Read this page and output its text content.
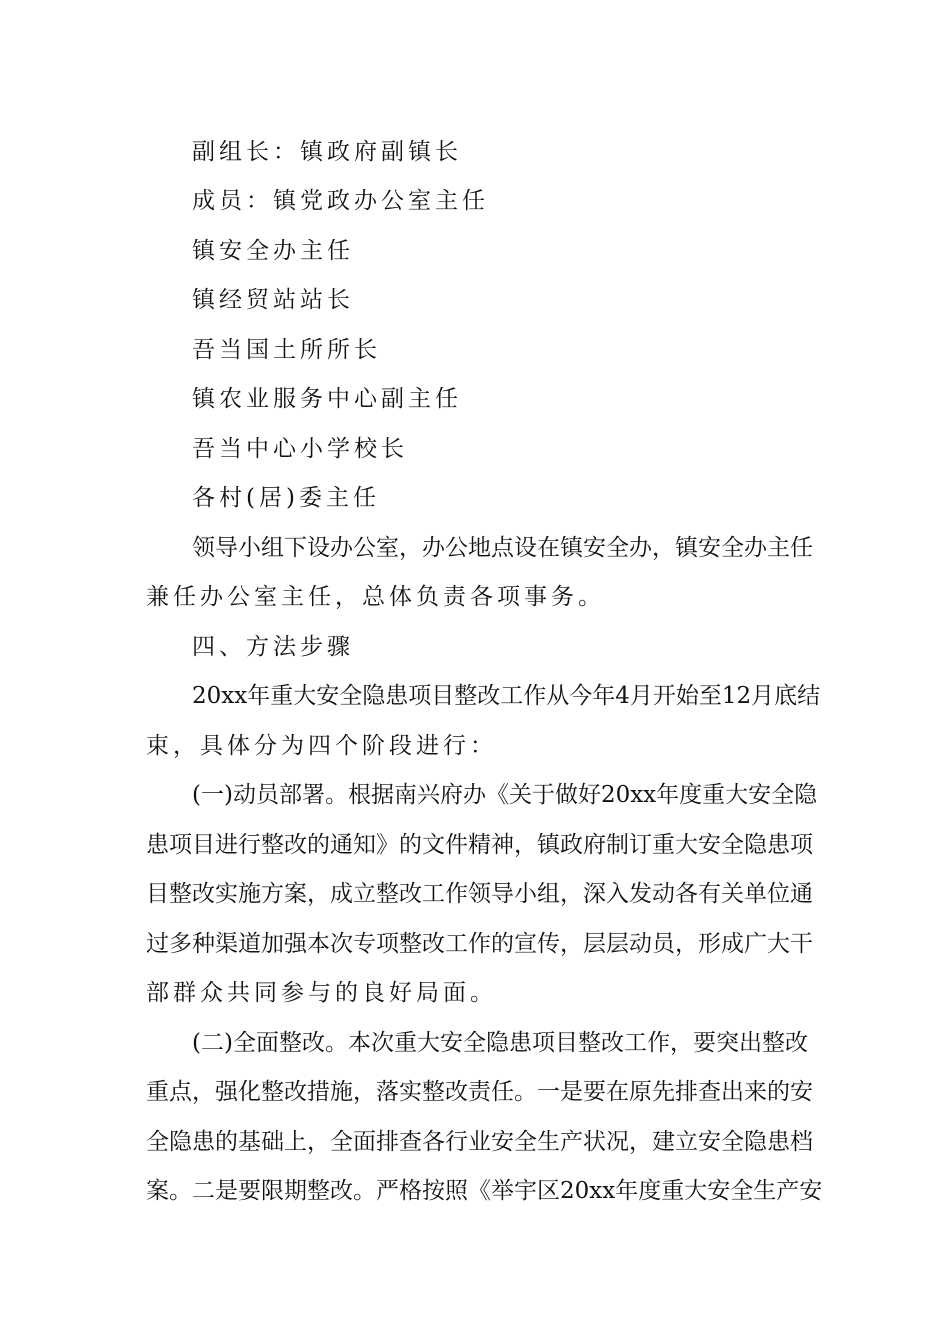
副组长：镇政府副镇长
成员：镇党政办公室主任
镇安全办主任
镇经贸站站长
吾当国土所所长
镇农业服务中心副主任
吾当中心小学校长
各村(居)委主任
领导小组下设办公室，办公地点设在镇安全办，镇安全办主任
兼任办公室主任，总体负责各项事务。
四、方法步骤
20xx年重大安全隐患项目整改工作从今年4月开始至12月底结
束，具体分为四个阶段进行：
(一)动员部署。根据南兴府办《关于做好20xx年度重大安全隐
患项目进行整改的通知》的文件精神，镇政府制订重大安全隐患项
目整改实施方案，成立整改工作领导小组，深入发动各有关单位通
过多种渠道加强本次专项整改工作的宣传，层层动员，形成广大干
部群众共同参与的良好局面。
(二)全面整改。本次重大安全隐患项目整改工作，要突出整改
重点，强化整改措施，落实整改责任。一是要在原先排查出来的安
全隐患的基础上，全面排查各行业安全生产状况，建立安全隐患档
案。二是要限期整改。严格按照《举宇区20xx年度重大安全生产安
